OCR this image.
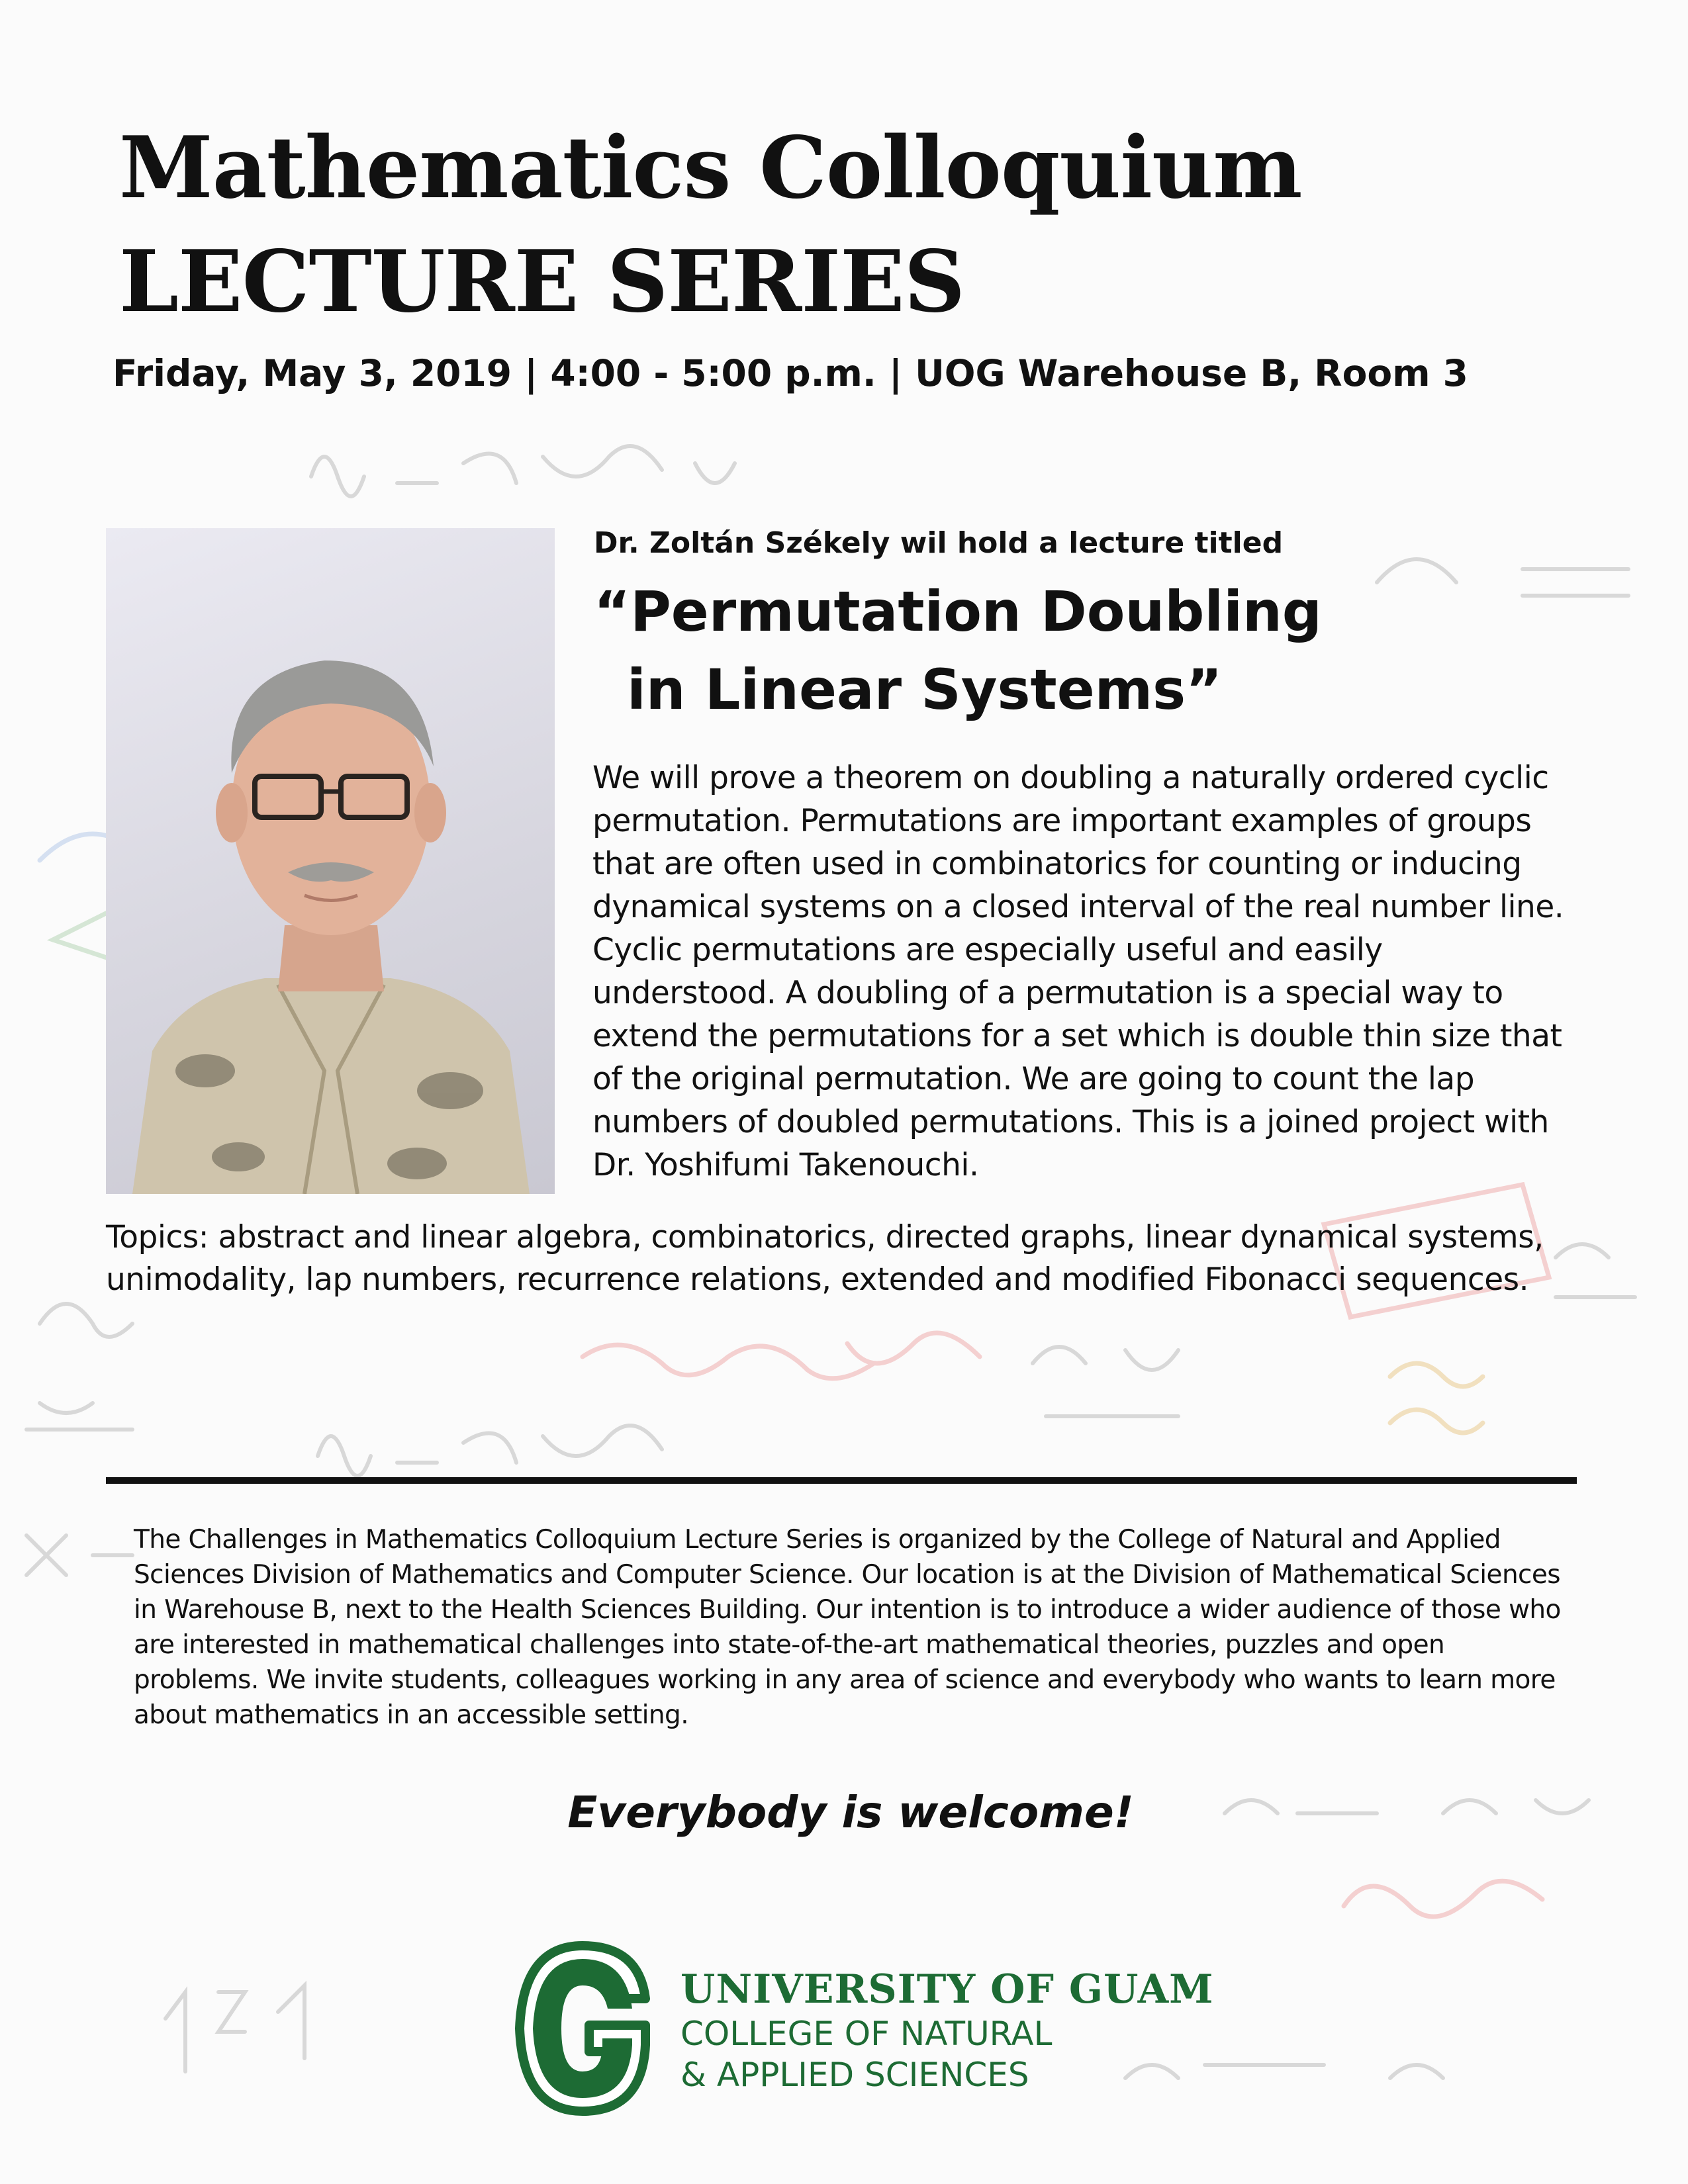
Mathematics Colloquium
LECTURE SERIES
Friday, May 3, 2019 | 4:00 - 5:00 p.m. | UOG Warehouse B, Room 3
Dr. Zoltán Székely wil hold a lecture titled
“Permutation Doubling
in Linear Systems”
We will prove a theorem on doubling a naturally ordered cyclic permutation. Permutations are important examples of groups that are often used in combinatorics for counting or inducing dynamical systems on a closed interval of the real number line. Cyclic permutations are especially useful and easily understood. A doubling of a permutation is a special way to extend the permutations for a set which is double thin size that of the original permutation. We are going to count the lap numbers of doubled permutations. This is a joined project with Dr. Yoshifumi Takenouchi.
Topics: abstract and linear algebra, combinatorics, directed graphs, linear dynamical systems, unimodality, lap numbers, recurrence relations, extended and modified Fibonacci sequences.
The Challenges in Mathematics Colloquium Lecture Series is organized by the College of Natural and Applied Sciences Division of Mathematics and Computer Science. Our location is at the Division of Mathematical Sciences in Warehouse B, next to the Health Sciences Building. Our intention is to introduce a wider audience of those who are interested in mathematical challenges into state-of-the-art mathematical theories, puzzles and open problems. We invite students, colleagues working in any area of science and everybody who wants to learn more about mathematics in an accessible setting.
Everybody is welcome!
UNIVERSITY OF GUAM
COLLEGE OF NATURAL
& APPLIED SCIENCES
